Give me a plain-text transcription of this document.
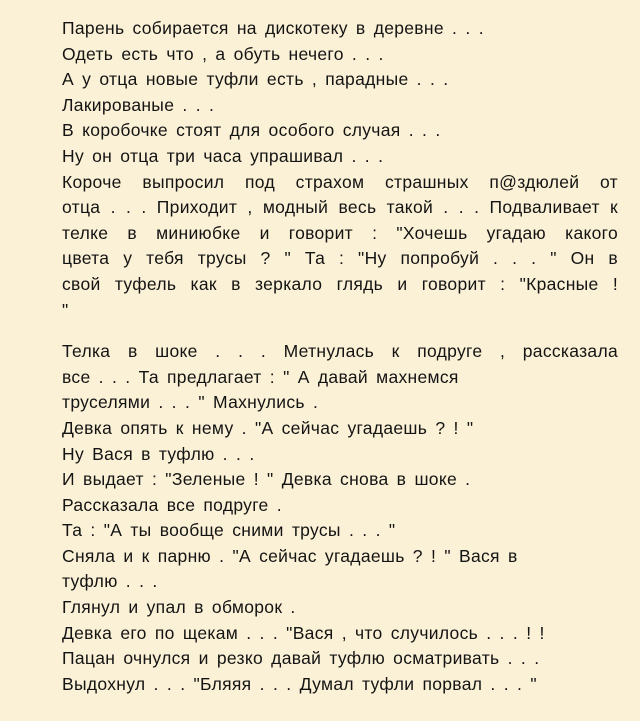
Парень собирается на дискотеку в деревне . . .
Одеть есть что , а обуть нечего . . .
А у отца новые туфли есть , парадные . . .
Лакированые . . .
В коробочке стоят для особого случая . . .
Ну он отца три часа упрашивал . . .
Короче выпросил под страхом страшных п@здюлей от
отца . . . Приходит , модный весь такой . . . Подваливает к
телке в миниюбке и говорит : "Хочешь угадаю какого
цвета у тебя трусы ? " Та : "Ну попробуй . . . " Он в
свой туфель как в зеркало глядь и говорит : "Красные !
"
Телка в шоке . . . Метнулась к подруге , рассказала
все . . . Та предлагает : " А давай махнемся
труселями . . . " Махнулись .
Девка опять к нему . "А сейчас угадаешь ? ! "
Ну Вася в туфлю . . .
И выдает : "Зеленые ! " Девка снова в шоке .
Рассказала все подруге .
Та : "А ты вообще сними трусы . . . "
Сняла и к парню . "А сейчас угадаешь ? ! " Вася в
туфлю . . .
Глянул и упал в обморок .
Девка его по щекам . . . "Вася , что случилось . . . ! !
Пацан очнулся и резко давай туфлю осматривать . . .
Выдохнул . . . "Бляяя . . . Думал туфли порвал . . . "
